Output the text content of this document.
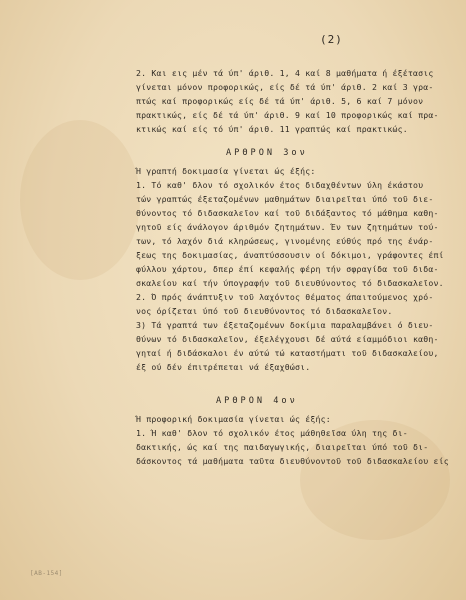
(2)
2. Και εις μέν τά ύπ' άριθ. 1, 4 καί 8 μαθήματα ή έξέτασις
γίνεται μόνον προφορικώς, είς δέ τά ύπ' άριθ. 2 καί 3 γρα-
πτώς καί προφορικώς είς δέ τά ύπ' άριθ. 5, 6 καί 7 μόνον
πρακτικώς, είς δέ τά ύπ' άριθ. 9 καί 10 προφορικώς καί πρα-
κτικώς καί είς τό ύπ' άριθ. 11 γραπτώς καί πρακτικώς.
ΑΡΘΡΟΝ 3ον
Ή γραπτή δοκιμασία γίνεται ώς έξής:
1. Τό καθ' δλον τό σχολικόν έτος διδαχθέντων ύλη έκάστου
τών γραπτώς έξεταζομένων μαθημάτων διαιρεῖται ύπό τοῦ διε-
θύνοντος τό διδασκαλεῖον καί τοῦ διδάξαντος τό μάθημα καθη-
γητοῦ είς άνάλογον άριθμόν ζητημάτων. Έν των ζητημάτων τού-
των, τό λαχόν διά κληρώσεως, γινομένης εύθύς πρό της ένάρ-
ξεως της δοκιμασίας, άναπτύσσουσιν οί δόκιμοι, γράφοντες έπί
φύλλου χάρτου, δπερ έπί κεφαλής φέρη τήν σφραγίδα τοῦ διδα-
σκαλείου καί τήν ύπογραφήν τοῦ διευθύνοντος τό διδασκαλεῖον.
2. Ό πρός άνάπτυξιν τοῦ λαχόντος θέματος άπαιτούμενος χρό-
νος όρίζεται ύπό τοῦ διευθύνοντος τό διδασκαλεῖον.
3) Τά γραπτά των έξεταζομένων δοκίμια παραλαμβάνει ό διευ-
θύνων τό διδασκαλεῖον, έξελέγχουσι δέ αύτά είαμμόδιοι καθη-
γηταί ή διδάσκαλοι έν αύτώ τώ καταστήματι τοῦ διδασκαλείου,
έξ ού δέν έπιτρέπεται νά έξαχθώσι.
ΑΡΘΡΟΝ 4ον
Ή προφορική δοκιμασία γίνεται ώς έξής:
1. Ή καθ' δλον τό σχολικόν έτος μάθηθεῖσα ύλη της δι-
δακτικής, ώς καί της παιδαγωγικής, διαιρεῖται ύπό τοῦ δι-
δάσκοντος τά μαθήματα ταῦτα διευθύνοντοῦ τοῦ διδασκαλείου είς
[AB-154]
